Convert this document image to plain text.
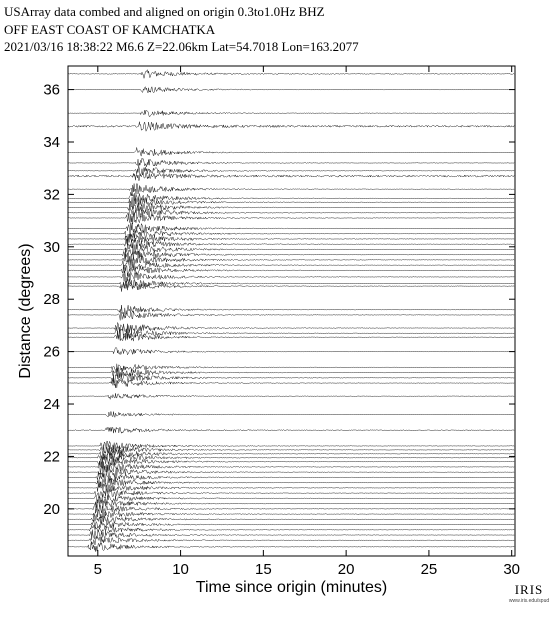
USArray data combed and aligned on origin 0.3to1.0Hz BHZ
OFF EAST COAST OF KAMCHATKA
2021/03/16 18:38:22 M6.6 Z=22.06km Lat=54.7018 Lon=163.2077
5	10	15	20	25	30
20
22
24
26
28
30
32
34
36
Time since origin (minutes)
Distance (degrees)
IRIS
www.iris.edu/spud
